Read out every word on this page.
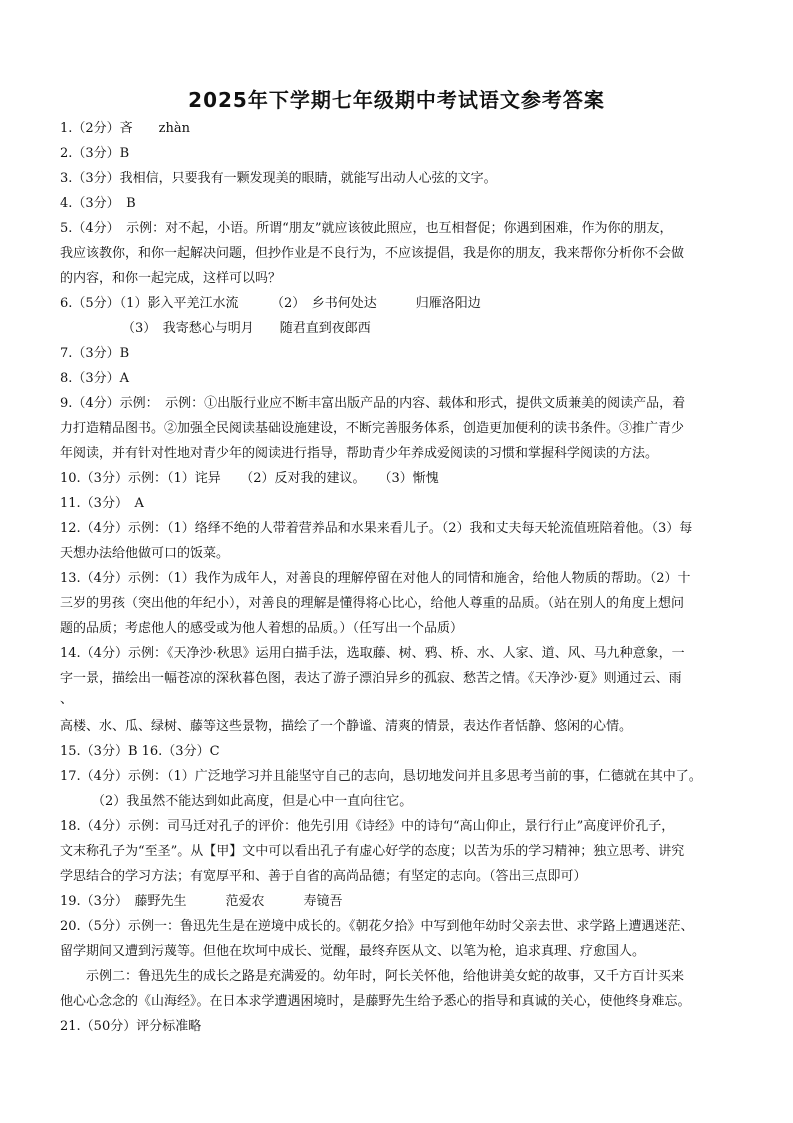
2025年下学期七年级期中考试语文参考答案
1.（2分）吝　　zhàn
2.（3分）B
3.（3分）我相信，只要我有一颗发现美的眼睛，就能写出动人心弦的文字。
4.（3分）　B
5.（4分）　示例：对不起，小语。所谓“朋友”就应该彼此照应，也互相督促；你遇到困难，作为你的朋友，
我应该教你，和你一起解决问题，但抄作业是不良行为，不应该提倡，我是你的朋友，我来帮你分析你不会做
的内容，和你一起完成，这样可以吗？
6.（5分）（1）影入平羌江水流　　　（2）　乡书何处达　　　归雁洛阳边
（3）　我寄愁心与明月　　随君直到夜郎西
7.（3分）B
8.（3分）A
9.（4分）示例：　示例：①出版行业应不断丰富出版产品的内容、载体和形式，提供文质兼美的阅读产品，着
力打造精品图书。②加强全民阅读基础设施建设，不断完善服务体系，创造更加便利的读书条件。③推广青少
年阅读，并有针对性地对青少年的阅读进行指导，帮助青少年养成爱阅读的习惯和掌握科学阅读的方法。
10.（3分）示例：（1）诧异　　（2）反对我的建议。　　（3）惭愧
11.（3分）　A
12.（4分）示例：（1）络绎不绝的人带着营养品和水果来看儿子。（2）我和丈夫每天轮流值班陪着他。（3）每
天想办法给他做可口的饭菜。
13.（4分）示例：（1）我作为成年人，对善良的理解停留在对他人的同情和施舍，给他人物质的帮助。（2）十
三岁的男孩（突出他的年纪小），对善良的理解是懂得将心比心，给他人尊重的品质。（站在别人的角度上想问
题的品质；考虑他人的感受或为他人着想的品质。）（任写出一个品质）
14.（4分）示例：《天净沙·秋思》运用白描手法，选取藤、树、鸦、桥、水、人家、道、风、马九种意象，一
字一景，描绘出一幅苍凉的深秋暮色图，表达了游子漂泊异乡的孤寂、愁苦之情。《天净沙·夏》则通过云、雨
、
高楼、水、瓜、绿树、藤等这些景物，描绘了一个静谧、清爽的情景，表达作者恬静、悠闲的心情。
15.（3分）B 16.（3分）C
17.（4分）示例：（1）广泛地学习并且能坚守自己的志向，恳切地发问并且多思考当前的事，仁德就在其中了。
（2）我虽然不能达到如此高度，但是心中一直向往它。
18.（4分）示例：司马迁对孔子的评价：他先引用《诗经》中的诗句“高山仰止，景行行止”高度评价孔子，
文末称孔子为“至圣”。从【甲】文中可以看出孔子有虚心好学的态度；以苦为乐的学习精神；独立思考、讲究
学思结合的学习方法；有宽厚平和、善于自省的高尚品德；有坚定的志向。（答出三点即可）
19.（3分）　藤野先生　　　范爱农　　　寿镜吾
20.（5分）示例一：鲁迅先生是在逆境中成长的。《朝花夕拾》中写到他年幼时父亲去世、求学路上遭遇迷茫、
留学期间又遭到污蔑等。但他在坎坷中成长、觉醒，最终弃医从文、以笔为枪，追求真理、疗愈国人。
示例二：鲁迅先生的成长之路是充满爱的。幼年时，阿长关怀他，给他讲美女蛇的故事，又千方百计买来
他心心念念的《山海经》。在日本求学遭遇困境时，是藤野先生给予悉心的指导和真诚的关心，使他终身难忘。
21.（50分）评分标准略
